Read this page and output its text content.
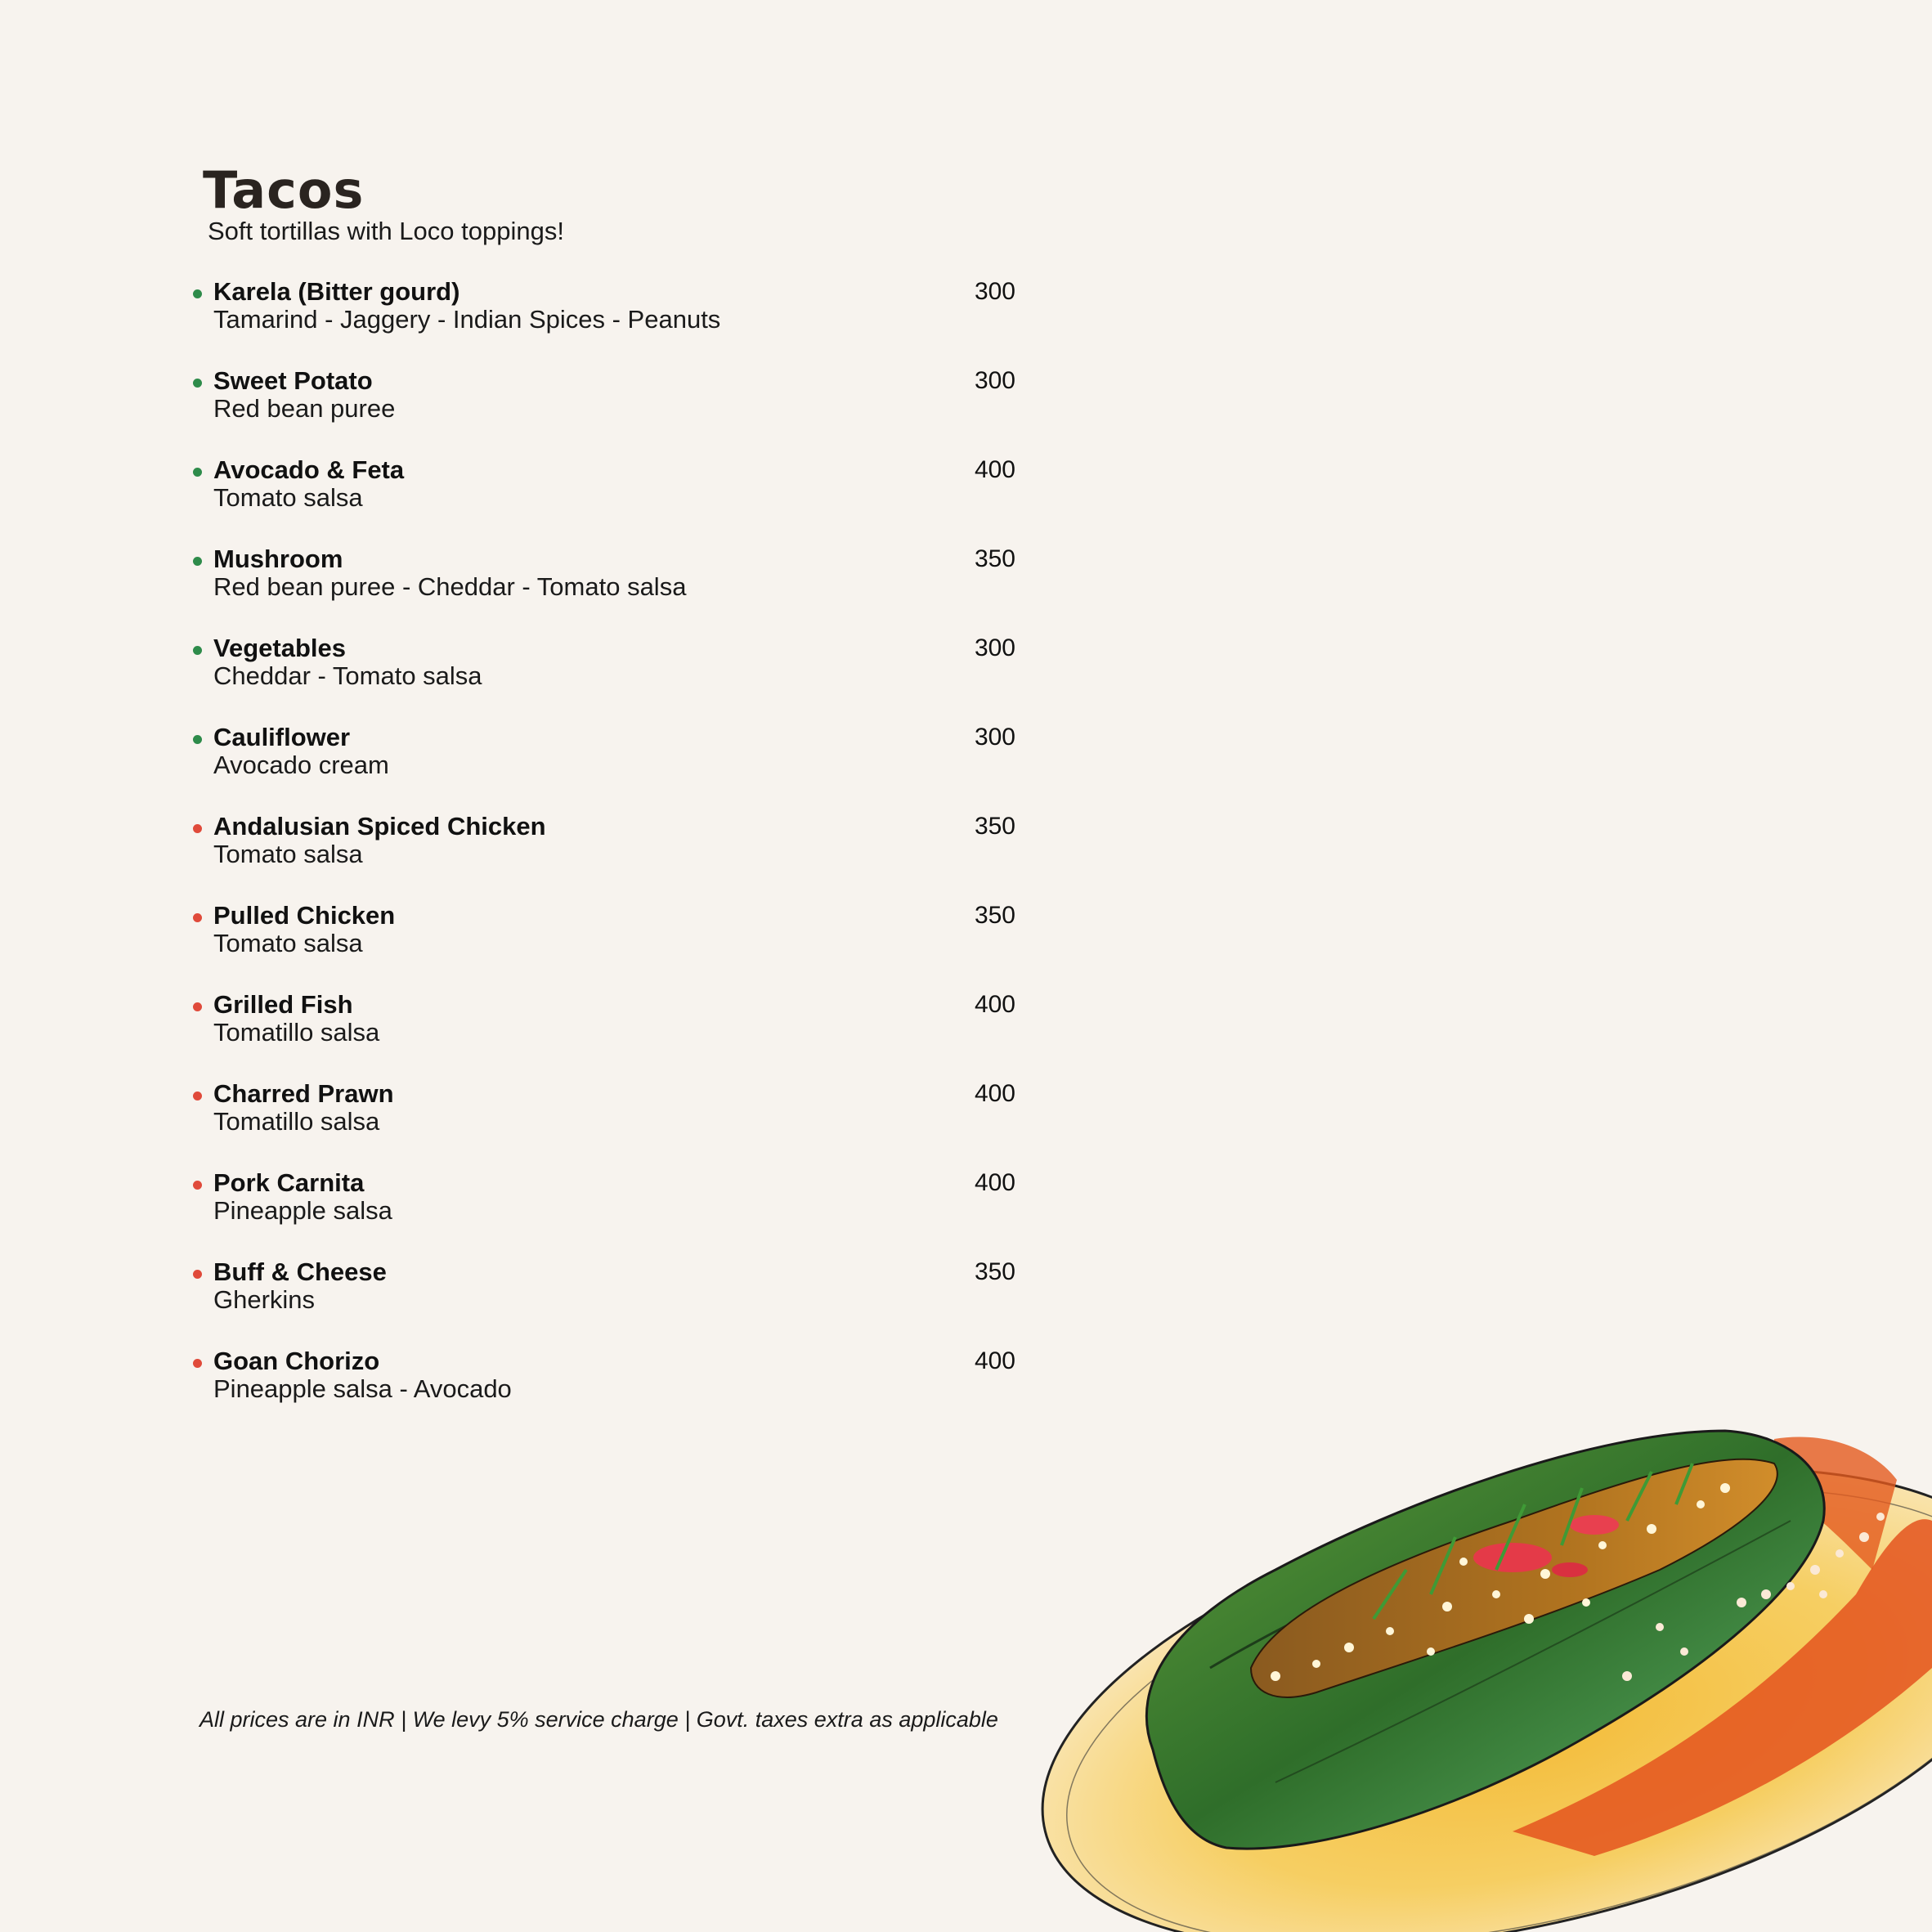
Tacos
Soft tortillas with Loco toppings!
Karela (Bitter gourd)
Tamarind - Jaggery - Indian Spices - Peanuts
300
Sweet Potato
Red bean puree
300
Avocado & Feta
Tomato salsa
400
Mushroom
Red bean puree - Cheddar - Tomato salsa
350
Vegetables
Cheddar - Tomato salsa
300
Cauliflower
Avocado cream
300
Andalusian Spiced Chicken
Tomato salsa
350
Pulled Chicken
Tomato salsa
350
Grilled Fish
Tomatillo salsa
400
Charred Prawn
Tomatillo salsa
400
Pork Carnita
Pineapple salsa
400
Buff & Cheese
Gherkins
350
Goan Chorizo
Pineapple salsa - Avocado
400
All prices are in INR | We levy 5% service charge | Govt. taxes extra as applicable
